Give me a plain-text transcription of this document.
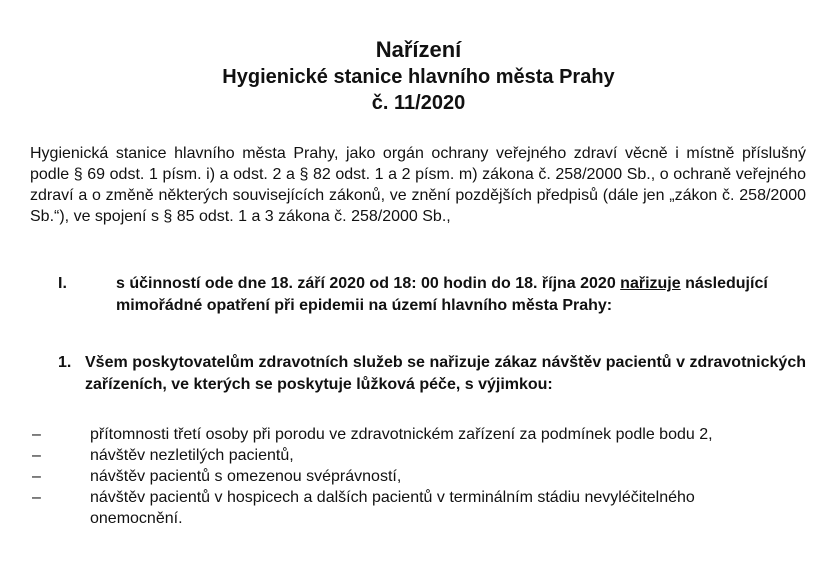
Nařízení
Hygienické stanice hlavního města Prahy
č. 11/2020
Hygienická stanice hlavního města Prahy, jako orgán ochrany veřejného zdraví věcně i místně příslušný podle § 69 odst. 1 písm. i) a odst. 2 a § 82 odst. 1 a 2 písm. m) zákona č. 258/2000 Sb., o ochraně veřejného zdraví a o změně některých souvisejících zákonů, ve znění pozdějších předpisů (dále jen „zákon č. 258/2000 Sb.“), ve spojení s § 85 odst. 1 a 3 zákona č. 258/2000 Sb.,
I.	s účinností ode dne 18. září 2020 od 18: 00 hodin do 18. října 2020 nařizuje následující mimořádné opatření při epidemii na území hlavního města Prahy:
1. Všem poskytovatelům zdravotních služeb se nařizuje zákaz návštěv pacientů v zdravotnických zařízeních, ve kterých se poskytuje lůžková péče, s výjimkou:
–	přítomnosti třetí osoby při porodu ve zdravotnickém zařízení za podmínek podle bodu 2,
–	návštěv nezletilých pacientů,
–	návštěv pacientů s omezenou svéprávností,
–	návštěv pacientů v hospicech a dalších pacientů v terminálním stádiu nevyléčitelného onemocnění.
